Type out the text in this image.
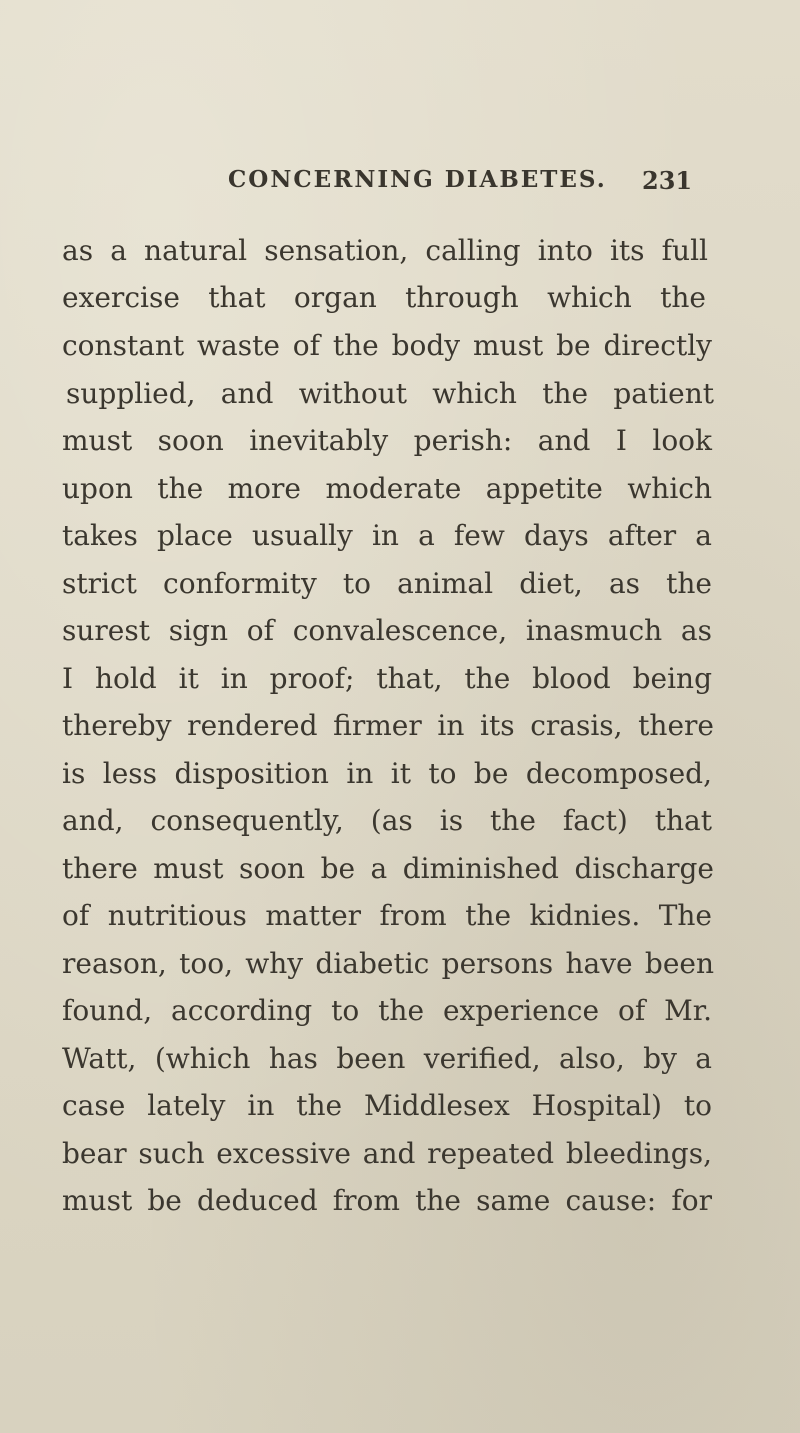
CONCERNING DIABETES. 231
as a natural sensation, calling into its full
exercise that organ through which the
constant waste of the body must be directly
supplied, and without which the patient
must soon inevitably perish: and I look
upon the more moderate appetite which
takes place usually in a few days after a
strict conformity to animal diet, as the
surest sign of convalescence, inasmuch as
I hold it in proof; that, the blood being
thereby rendered firmer in its crasis, there
is less disposition in it to be decomposed,
and, consequently, (as is the fact) that
there must soon be a diminished discharge
of nutritious matter from the kidnies. The
reason, too, why diabetic persons have been
found, according to the experience of Mr.
Watt, (which has been verified, also, by a
case lately in the Middlesex Hospital) to
bear such excessive and repeated bleedings,
must be deduced from the same cause: for
